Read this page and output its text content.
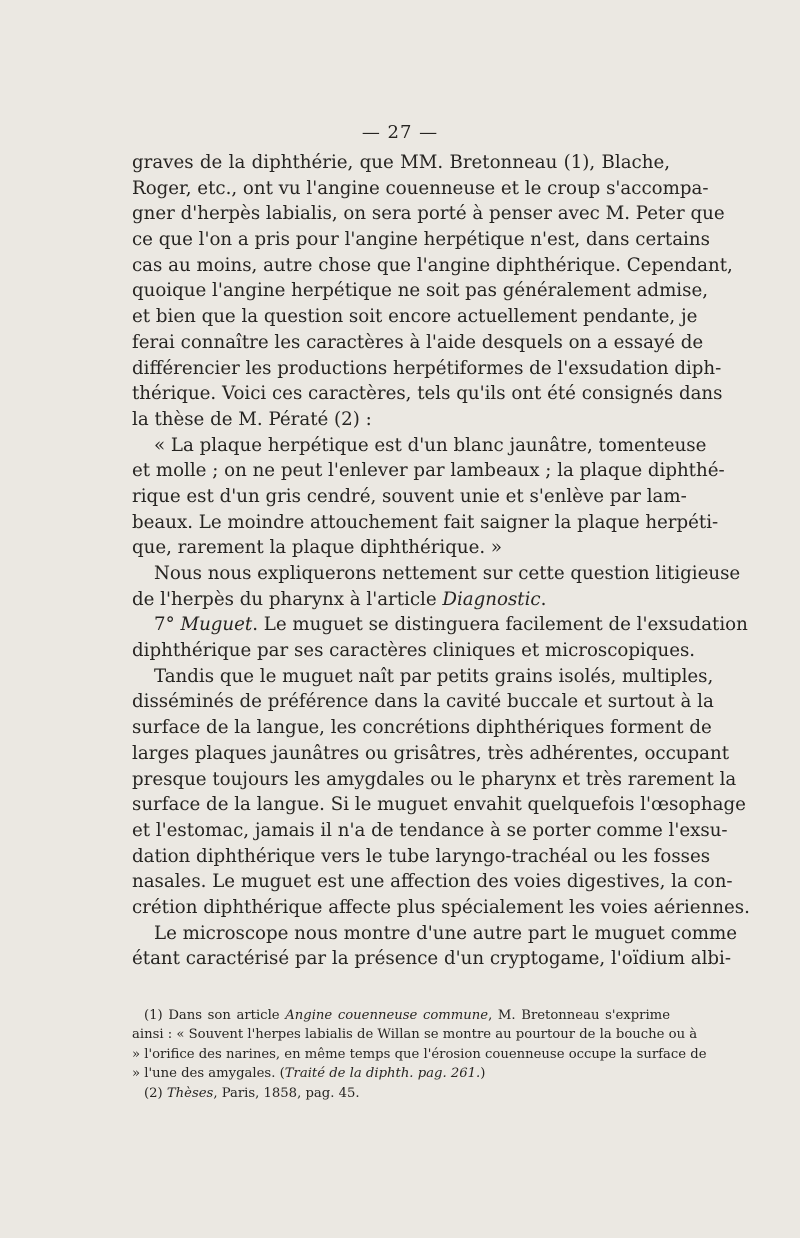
— 27 —
graves de la diphthérie, que MM. Bretonneau (1), Blache,
Roger, etc., ont vu l'angine couenneuse et le croup s'accompa-
gner d'herpès labialis, on sera porté à penser avec M. Peter que
ce que l'on a pris pour l'angine herpétique n'est, dans certains
cas au moins, autre chose que l'angine diphthérique. Cependant,
quoique l'angine herpétique ne soit pas généralement admise,
et bien que la question soit encore actuellement pendante, je
ferai connaître les caractères à l'aide desquels on a essayé de
différencier les productions herpétiformes de l'exsudation diph-
thérique. Voici ces caractères, tels qu'ils ont été consignés dans
la thèse de M. Pératé (2) :
« La plaque herpétique est d'un blanc jaunâtre, tomenteuse
et molle ; on ne peut l'enlever par lambeaux ; la plaque diphthé-
rique est d'un gris cendré, souvent unie et s'enlève par lam-
beaux. Le moindre attouchement fait saigner la plaque herpéti-
que, rarement la plaque diphthérique. »
Nous nous expliquerons nettement sur cette question litigieuse
de l'herpès du pharynx à l'article Diagnostic.
7° Muguet. Le muguet se distinguera facilement de l'exsudation
diphthérique par ses caractères cliniques et microscopiques.
Tandis que le muguet naît par petits grains isolés, multiples,
disséminés de préférence dans la cavité buccale et surtout à la
surface de la langue, les concrétions diphthériques forment de
larges plaques jaunâtres ou grisâtres, très adhérentes, occupant
presque toujours les amygdales ou le pharynx et très rarement la
surface de la langue. Si le muguet envahit quelquefois l'œsophage
et l'estomac, jamais il n'a de tendance à se porter comme l'exsu-
dation diphthérique vers le tube laryngo-trachéal ou les fosses
nasales. Le muguet est une affection des voies digestives, la con-
crétion diphthérique affecte plus spécialement les voies aériennes.
Le microscope nous montre d'une autre part le muguet comme
étant caractérisé par la présence d'un cryptogame, l'oïdium albi-
(1) Dans son article Angine couenneuse commune, M. Bretonneau s'exprime
ainsi : « Souvent l'herpes labialis de Willan se montre au pourtour de la bouche ou à
» l'orifice des narines, en même temps que l'érosion couenneuse occupe la surface de
» l'une des amygales. (Traité de la diphth. pag. 261.)
(2) Thèses, Paris, 1858, pag. 45.
